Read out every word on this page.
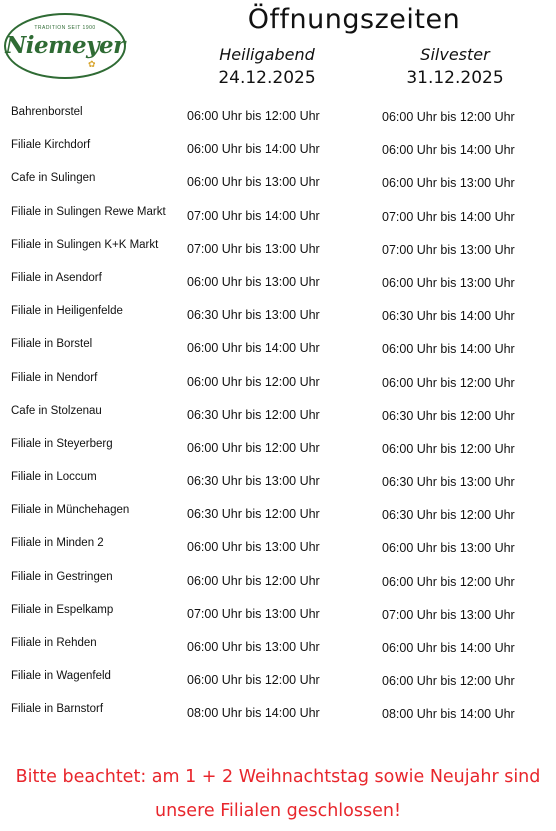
TRADITION SEIT 1900
Niemeyer
✿
Öffnungszeiten
Heiligabend
24.12.2025
Silvester
31.12.2025
Bahrenborstel	06:00 Uhr bis 12:00 Uhr	06:00 Uhr bis 12:00 Uhr
Filiale Kirchdorf	06:00 Uhr bis 14:00 Uhr	06:00 Uhr bis 14:00 Uhr
Cafe in Sulingen	06:00 Uhr bis 13:00 Uhr	06:00 Uhr bis 13:00 Uhr
Filiale in Sulingen Rewe Markt 07:00 Uhr bis 14:00 Uhr	07:00 Uhr bis 14:00 Uhr
Filiale in Sulingen K+K Markt 07:00 Uhr bis 13:00 Uhr	07:00 Uhr bis 13:00 Uhr
Filiale in Asendorf	06:00 Uhr bis 13:00 Uhr	06:00 Uhr bis 13:00 Uhr
Filiale in Heiligenfelde	06:30 Uhr bis 13:00 Uhr	06:30 Uhr bis 14:00 Uhr
Filiale in Borstel	06:00 Uhr bis 14:00 Uhr	06:00 Uhr bis 14:00 Uhr
Filiale in Nendorf	06:00 Uhr bis 12:00 Uhr	06:00 Uhr bis 12:00 Uhr
Cafe in Stolzenau	06:30 Uhr bis 12:00 Uhr	06:30 Uhr bis 12:00 Uhr
Filiale in Steyerberg	06:00 Uhr bis 12:00 Uhr	06:00 Uhr bis 12:00 Uhr
Filiale in Loccum	06:30 Uhr bis 13:00 Uhr	06:30 Uhr bis 13:00 Uhr
Filiale in Münchehagen	06:30 Uhr bis 12:00 Uhr	06:30 Uhr bis 12:00 Uhr
Filiale in Minden 2	06:00 Uhr bis 13:00 Uhr	06:00 Uhr bis 13:00 Uhr
Filiale in Gestringen	06:00 Uhr bis 12:00 Uhr	06:00 Uhr bis 12:00 Uhr
Filiale in Espelkamp	07:00 Uhr bis 13:00 Uhr	07:00 Uhr bis 13:00 Uhr
Filiale in Rehden	06:00 Uhr bis 13:00 Uhr	06:00 Uhr bis 14:00 Uhr
Filiale in Wagenfeld	06:00 Uhr bis 12:00 Uhr	06:00 Uhr bis 12:00 Uhr
Filiale in Barnstorf	08:00 Uhr bis 14:00 Uhr	08:00 Uhr bis 14:00 Uhr
Bitte beachtet: am 1 + 2 Weihnachtstag sowie Neujahr sind
unsere Filialen geschlossen!
